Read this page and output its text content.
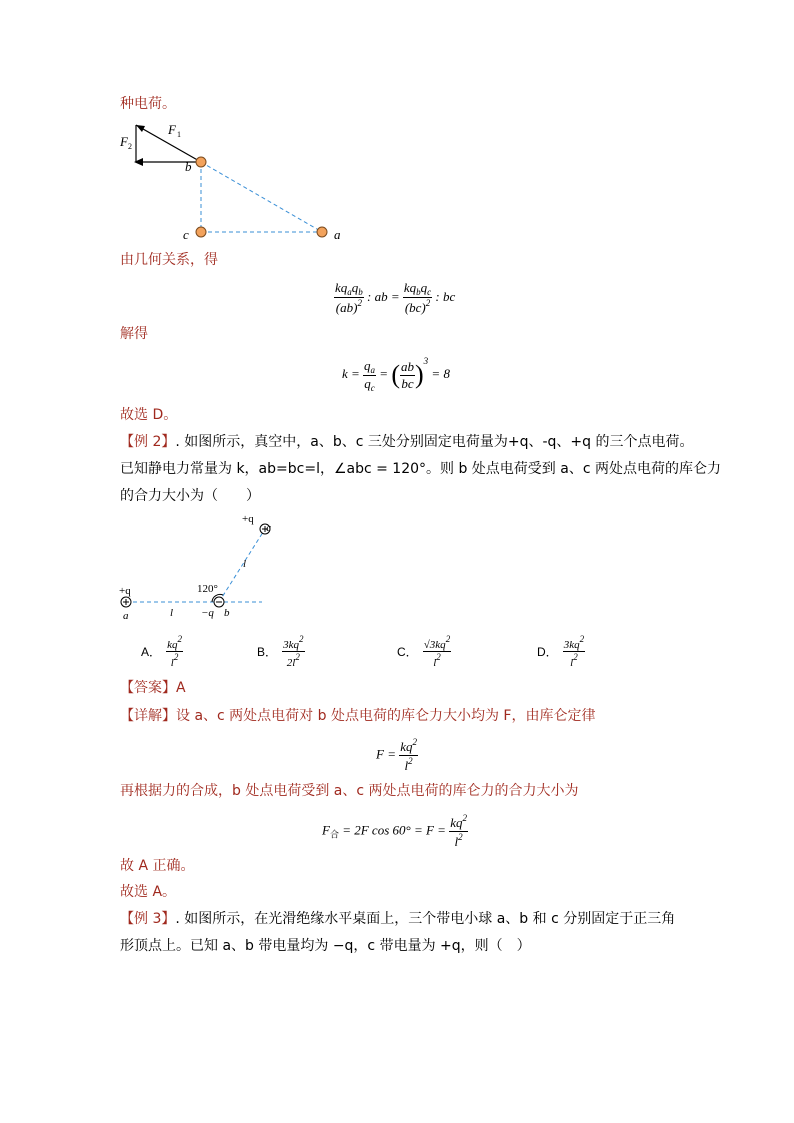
种电荷。
F 1
F 2
b
c	a
由几何关系，得
$\frac{kq_aq_b}{(ab)^2}$ : ab = $\frac{kq_bq_c}{(bc)^2}$ : bc
解得
$k = \frac{q_a}{q_c}$ = ( $\frac{ab}{bc} )^3 = 8$
故选 D。
【例 2】. 如图所示，真空中，a、b、c 三处分别固定电荷量为+q、-q、+q 的三个点电荷。
已知静电力常量为 k，ab=bc=l，∠abc = 120°。则 b 处点电荷受到 a、c 两处点电荷的库仑力
的合力大小为（　　）
+q
c
l
120°
+q
a	l	−q b
A． $\frac{kq^2}{l^2}$	B． $\frac{3kq^2}{2l^2}$	C． $\frac{√3kq^2}{l^2}$	D． $\frac{3kq^2}{l^2}$
【答案】A
【详解】设 a、c 两处点电荷对 b 处点电荷的库仑力大小均为 F，由库仑定律
$F = \frac{kq^2}{l^2}$
再根据力的合成，b 处点电荷受到 a、c 两处点电荷的库仑力的合力大小为
$F_合 = 2F$ $\cos 60^\circ = F = \frac{kq^2}{l^2}$
故 A 正确。
故选 A。
【例 3】. 如图所示，在光滑绝缘水平桌面上，三个带电小球 a、b 和 c 分别固定于正三角
形顶点上。已知 a、b 带电量均为 −q，c 带电量为 +q，则（　）
